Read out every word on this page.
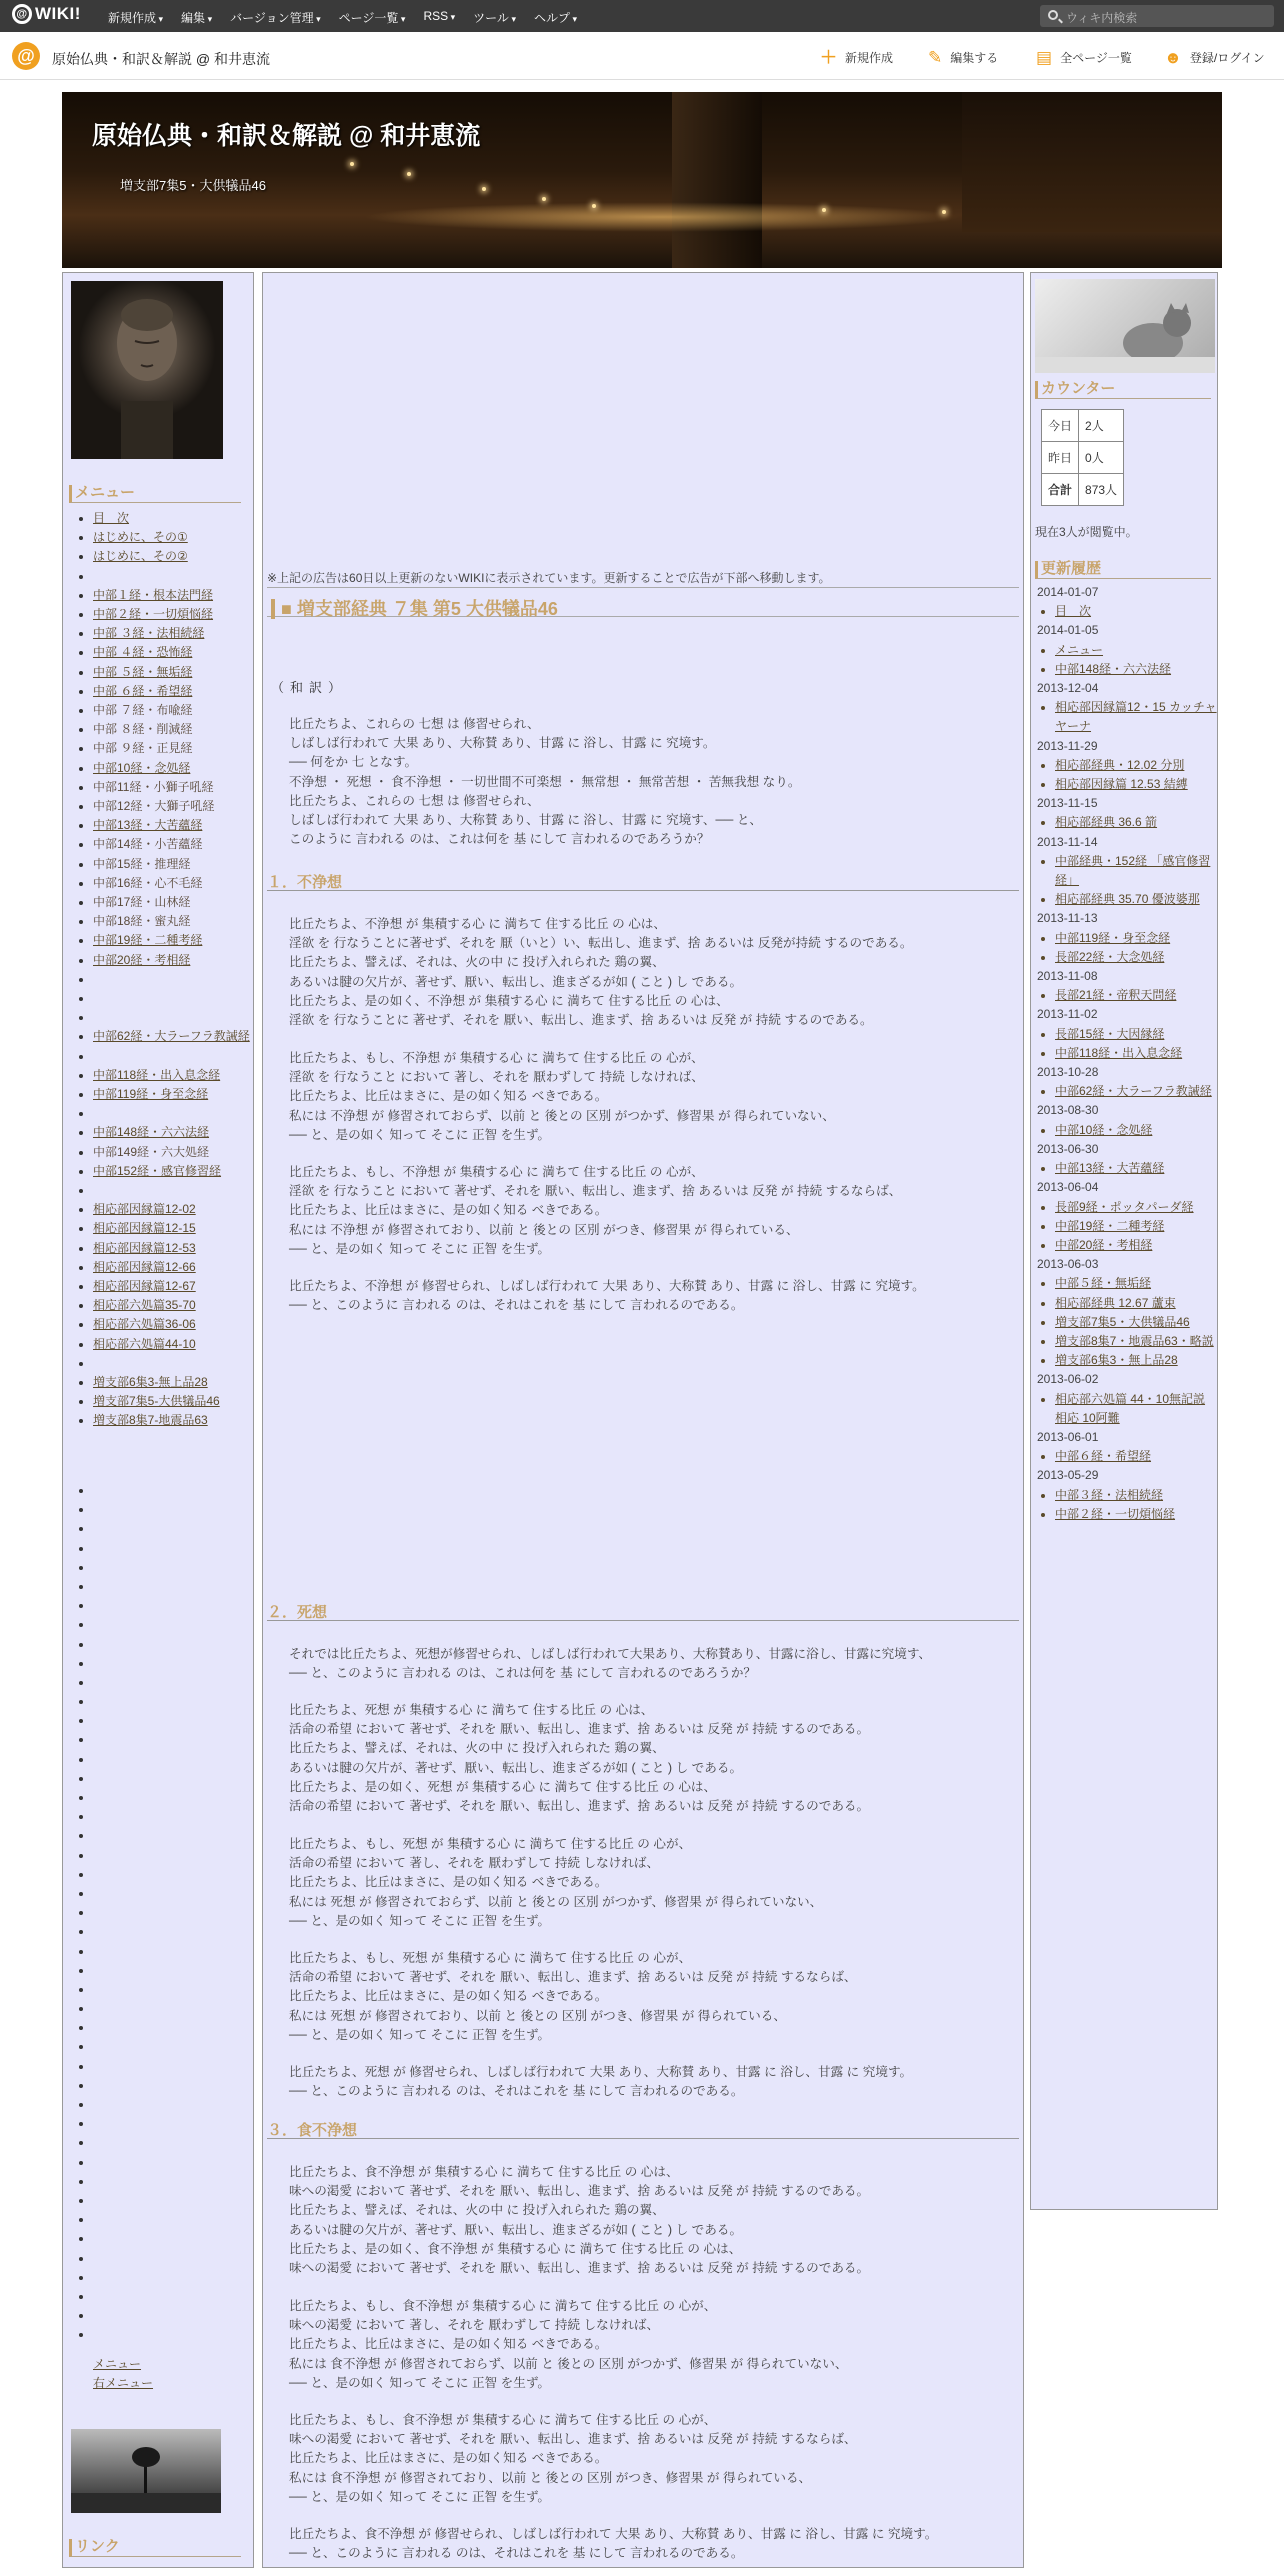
@ WIKI! 新規作成 ▾	編集 ▾	バージョン管理 ▾	ページ一覧 ▾	RSS ▾	ツール ▾	ヘルプ ▾	ウィキ内検索
@	原始仏典・和訳＆解説 @ 和井恵流	＋ 新規作成 ✎ 編集する ▤ 全ページ一覧 ☻ 登録/ログイン
原始仏典・和訳＆解説 @ 和井恵流
増支部7集5・大供犠品46
メニュー
• 目　次
• はじめに、その①
• はじめに、その②
•
• 中部１経・根本法門経
• 中部２経・一切煩悩経
• 中部 ３経・法相続経
• 中部 ４経・恐怖経
• 中部 ５経・無垢経
• 中部 ６経・希望経
• 中部 ７経・布喩経
• 中部 ８経・削減経
• 中部 ９経・正見経
• 中部10経・念処経
• 中部11経・小獅子吼経
• 中部12経・大獅子吼経
• 中部13経・大苦蘊経
• 中部14経・小苦蘊経
• 中部15経・推理経
• 中部16経・心不毛経
• 中部17経・山林経
• 中部18経・蜜丸経
• 中部19経・二種考経
• 中部20経・考相経
•
•
•
• 中部62経・大ラーフラ教誡経
•
• 中部118経・出入息念経
• 中部119経・身至念経
•
• 中部148経・六六法経
• 中部149経・六大処経
• 中部152経・感官修習経
•
• 相応部因縁篇12-02
• 相応部因縁篇12-15
• 相応部因縁篇12-53
• 相応部因縁篇12-66
• 相応部因縁篇12-67
• 相応部六処篇35-70
• 相応部六処篇36-06
• 相応部六処篇44-10
•
• 増支部6集3-無上品28
• 増支部7集5-大供犠品46
• 増支部8集7-地震品63
メニュー
右メニュー
リンク
※上記の広告は60日以上更新のないWIKIに表示されています。更新することで広告が下部へ移動します。
■ 増支部経典 ７集 第5 大供犠品46
（和訳）
比丘たちよ、これらの 七想 は 修習せられ、
しばしば行われて 大果 あり、大称賛 あり、甘露 に 浴し、甘露 に 究境す。
── 何をか 七 となす。
不浄想 ・ 死想 ・ 食不浄想 ・ 一切世間不可楽想 ・ 無常想 ・ 無常苦想 ・ 苦無我想 なり。
比丘たちよ、これらの 七想 は 修習せられ、
しばしば行われて 大果 あり、大称賛 あり、甘露 に 浴し、甘露 に 究境す、── と、
このように 言われる のは、これは何を 基 にして 言われるのであろうか？
１．不浄想
比丘たちよ、不浄想 が 集積する心 に 満ちて 住する比丘 の 心は、
淫欲 を 行なうことに著せず、それを 厭（いと）い、転出し、進まず、捨 あるいは 反発が持続 するのである。
比丘たちよ、譬えば、それは、火の中 に 投げ入れられた 鶏の翼、
あるいは腱の欠片が、著せず、厭い、転出し、進まざるが如 ( こと ) し である。
比丘たちよ、是の如く、不浄想 が 集積する心 に 満ちて 住する比丘 の 心は、
淫欲 を 行なうことに 著せず、それを 厭い、転出し、進まず、捨 あるいは 反発 が 持続 するのである。
比丘たちよ、もし、不浄想 が 集積する心 に 満ちて 住する比丘 の 心が、
淫欲 を 行なうこと において 著し、それを 厭わずして 持続 しなければ、
比丘たちよ、比丘はまさに、是の如く知る べきである。
私には 不浄想 が 修習されておらず、以前 と 後との 区別 がつかず、修習果 が 得られていない、
── と、是の如く 知って そこに 正智 を生ず。
比丘たちよ、もし、不浄想 が 集積する心 に 満ちて 住する比丘 の 心が、
淫欲 を 行なうこと において 著せず、それを 厭い、転出し、進まず、捨 あるいは 反発 が 持続 するならば、
比丘たちよ、比丘はまさに、是の如く知る べきである。
私には 不浄想 が 修習されており、以前 と 後との 区別 がつき、修習果 が 得られている、
── と、是の如く 知って そこに 正智 を生ず。
比丘たちよ、不浄想 が 修習せられ、しばしば行われて 大果 あり、大称賛 あり、甘露 に 浴し、甘露 に 究境す。
── と、このように 言われる のは、それはこれを 基 にして 言われるのである。
２．死想
それでは比丘たちよ、死想が修習せられ、しばしば行われて大果あり、大称賛あり、甘露に浴し、甘露に究境す、
── と、このように 言われる のは、これは何を 基 にして 言われるのであろうか？
比丘たちよ、死想 が 集積する心 に 満ちて 住する比丘 の 心は、
活命の希望 において 著せず、それを 厭い、転出し、進まず、捨 あるいは 反発 が 持続 するのである。
比丘たちよ、譬えば、それは、火の中 に 投げ入れられた 鶏の翼、
あるいは腱の欠片が、著せず、厭い、転出し、進まざるが如 ( こと ) し である。
比丘たちよ、是の如く、死想 が 集積する心 に 満ちて 住する比丘 の 心は、
活命の希望 において 著せず、それを 厭い、転出し、進まず、捨 あるいは 反発 が 持続 するのである。
比丘たちよ、もし、死想 が 集積する心 に 満ちて 住する比丘 の 心が、
活命の希望 において 著し、それを 厭わずして 持続 しなければ、
比丘たちよ、比丘はまさに、是の如く知る べきである。
私には 死想 が 修習されておらず、以前 と 後との 区別 がつかず、修習果 が 得られていない、
── と、是の如く 知って そこに 正智 を生ず。
比丘たちよ、もし、死想 が 集積する心 に 満ちて 住する比丘 の 心が、
活命の希望 において 著せず、それを 厭い、転出し、進まず、捨 あるいは 反発 が 持続 するならば、
比丘たちよ、比丘はまさに、是の如く知る べきである。
私には 死想 が 修習されており、以前 と 後との 区別 がつき、修習果 が 得られている、
── と、是の如く 知って そこに 正智 を生ず。
比丘たちよ、死想 が 修習せられ、しばしば行われて 大果 あり、大称賛 あり、甘露 に 浴し、甘露 に 究境す。
── と、このように 言われる のは、それはこれを 基 にして 言われるのである。
３．食不浄想
比丘たちよ、食不浄想 が 集積する心 に 満ちて 住する比丘 の 心は、
味への渇愛 において 著せず、それを 厭い、転出し、進まず、捨 あるいは 反発 が 持続 するのである。
比丘たちよ、譬えば、それは、火の中 に 投げ入れられた 鶏の翼、
あるいは腱の欠片が、著せず、厭い、転出し、進まざるが如 ( こと ) し である。
比丘たちよ、是の如く、食不浄想 が 集積する心 に 満ちて 住する比丘 の 心は、
味への渇愛 において 著せず、それを 厭い、転出し、進まず、捨 あるいは 反発 が 持続 するのである。
比丘たちよ、もし、食不浄想 が 集積する心 に 満ちて 住する比丘 の 心が、
味への渇愛 において 著し、それを 厭わずして 持続 しなければ、
比丘たちよ、比丘はまさに、是の如く知る べきである。
私には 食不浄想 が 修習されておらず、以前 と 後との 区別 がつかず、修習果 が 得られていない、
── と、是の如く 知って そこに 正智 を生ず。
比丘たちよ、もし、食不浄想 が 集積する心 に 満ちて 住する比丘 の 心が、
味への渇愛 において 著せず、それを 厭い、転出し、進まず、捨 あるいは 反発 が 持続 するならば、
比丘たちよ、比丘はまさに、是の如く知る べきである。
私には 食不浄想 が 修習されており、以前 と 後との 区別 がつき、修習果 が 得られている、
── と、是の如く 知って そこに 正智 を生ず。
比丘たちよ、食不浄想 が 修習せられ、しばしば行われて 大果 あり、大称賛 あり、甘露 に 浴し、甘露 に 究境す。
── と、このように 言われる のは、それはこれを 基 にして 言われるのである。
カウンター
今日	2人
昨日	0人
合計	873人
現在3人が閲覧中。
更新履歴
2014-01-07
• 目　次
2014-01-05
• メニュー
• 中部148経・六六法経
2013-12-04
• 相応部因縁篇12・15 カッチャヤーナ
2013-11-29
• 相応部経典・12.02 分別
• 相応部因縁篇 12.53 結縛
2013-11-15
• 相応部経典 36.6 箭
2013-11-14
• 中部経典・152経 「感官修習経」
• 相応部経典 35.70 優波婆那
2013-11-13
• 中部119経・身至念経
• 長部22経・大念処経
2013-11-08
• 長部21経・帝釈天問経
2013-11-02
• 長部15経・大因縁経
• 中部118経・出入息念経
2013-10-28
• 中部62経・大ラーフラ教誡経
2013-08-30
• 中部10経・念処経
2013-06-30
• 中部13経・大苦蘊経
2013-06-04
• 長部9経・ポッタパーダ経
• 中部19経・二種考経
• 中部20経・考相経
2013-06-03
• 中部５経・無垢経
• 相応部経典 12.67 蘆束
• 増支部7集5・大供犠品46
• 増支部8集7・地震品63・略説
• 増支部6集3・無上品28
2013-06-02
• 相応部六処篇 44・10無記説相応 10阿難
2013-06-01
• 中部６経・希望経
2013-05-29
• 中部３経・法相続経
• 中部２経・一切煩悩経
